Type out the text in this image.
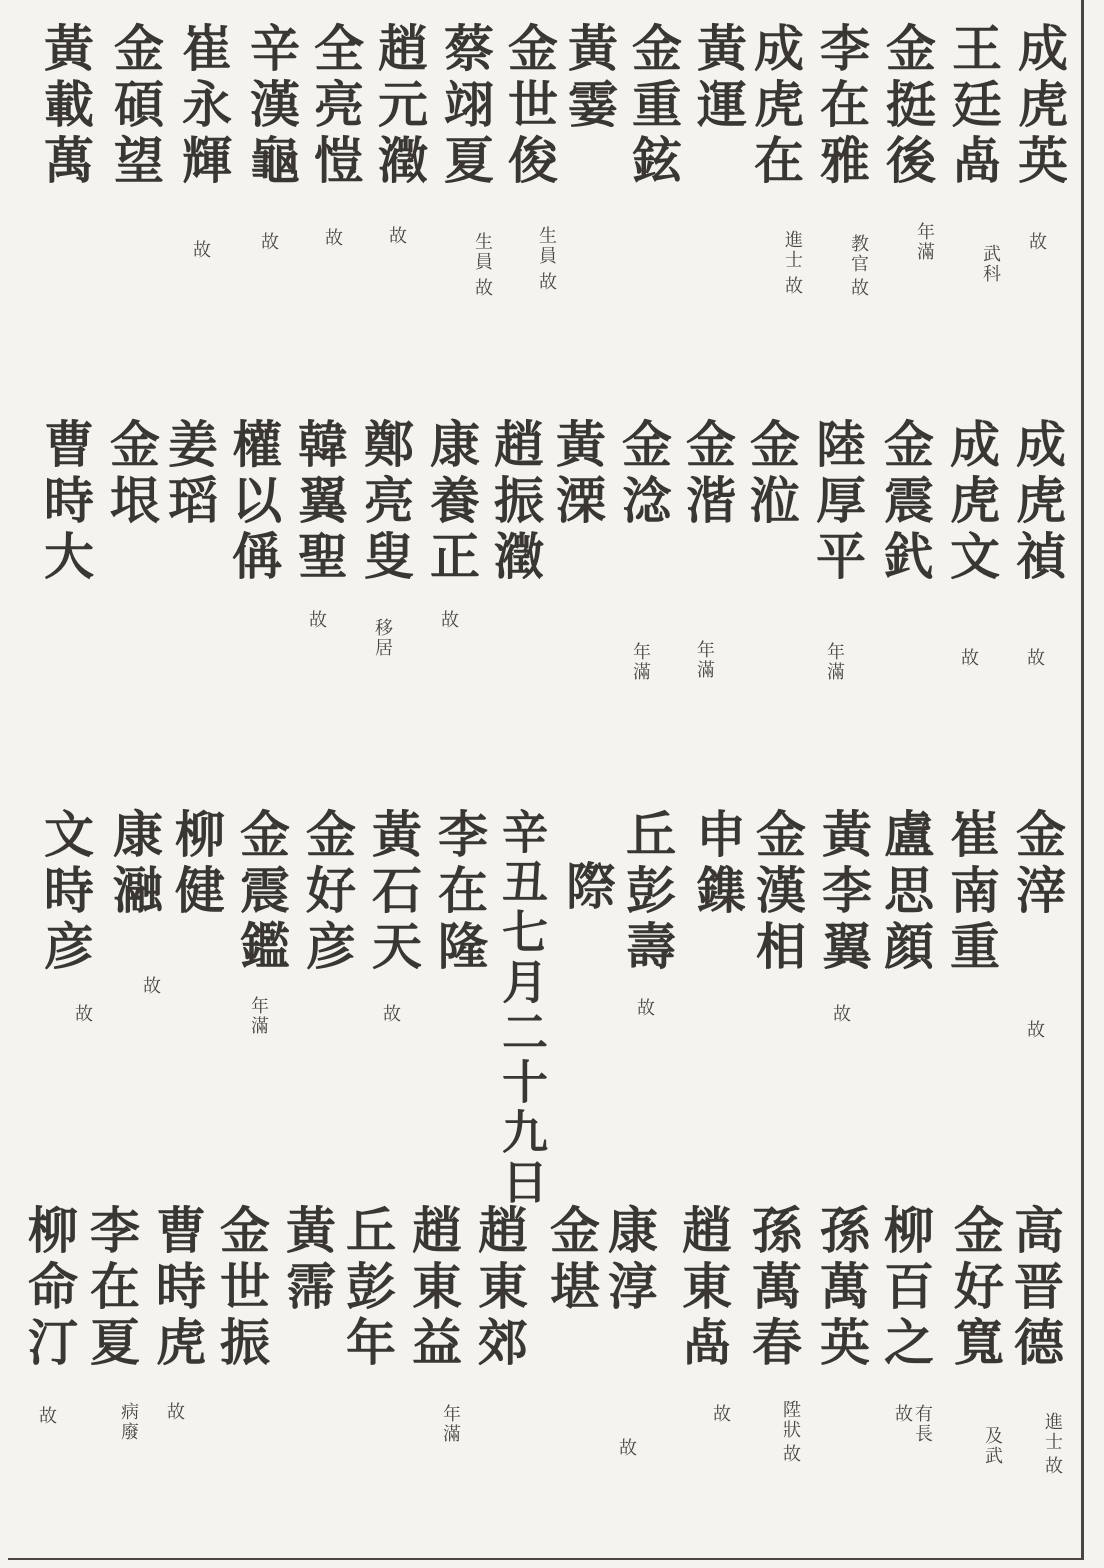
成虎英
故
王廷卨
武科
金挺後
年滿
李在雅
教官
故
成虎在
進士
故
黃運
金重鉉
黃霎
金世俊
生員
故
蔡翊夏
生員
故
趙元瀓
故
全亮愷
故
辛漢龜
故
崔永輝
故
金碩望
黃載萬
成虎禎
故
成虎文
故
金震釴
陸厚平
年滿
金涖
金湝
年滿
金淰
年滿
黃溧
趙振瀓
康養正
故
鄭亮叟
移居
韓翼聖
故
權以偁
姜瑫
金垠
曹時大
金滓
故
崔南重
盧思顔
黃李翼
故
金漢相
申鏶
丘彭壽
故
際
辛丑七月二十九日
李在隆
黃石天
故
金好彦
金震鑑
年滿
柳健
康瀜
故
文時彦
故
高晋德
進士
故
金好寬
及武
柳百之
有長
故
孫萬英
孫萬春
陞狀
故
趙東卨
故
康淳
故
金堪
趙東郊
趙東益
年滿
丘彭年
黃霈
金世振
曹時虎
故
李在夏
病廢
柳命汀
故
